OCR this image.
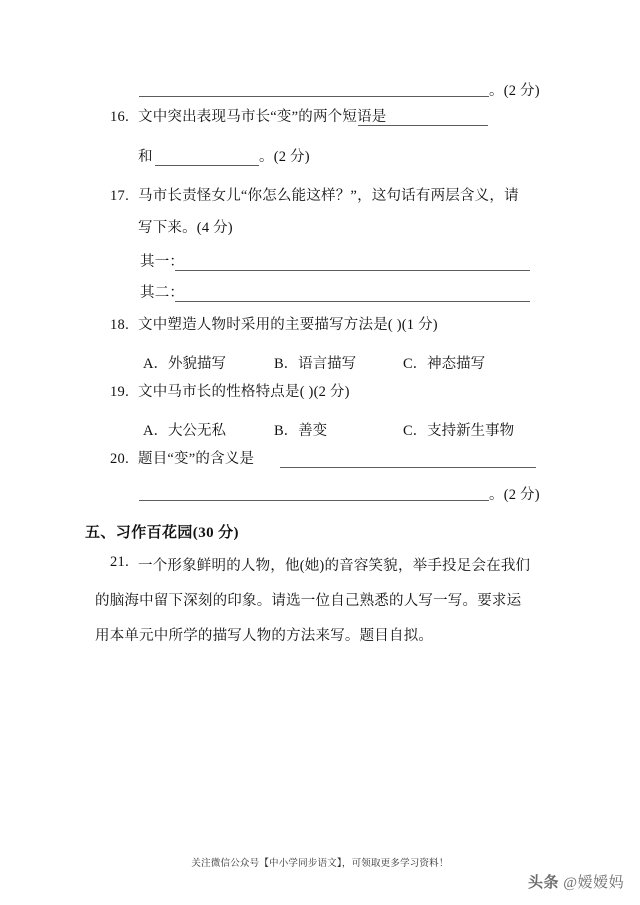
。(2 分)
16. 文中突出表现马市长“变”的两个短语是
和	。(2 分)
17. 马市长责怪女儿“你怎么能这样？”，这句话有两层含义，请
写下来。(4 分)
其一：
其二：
18. 文中塑造人物时采用的主要描写方法是( )(1 分)
A．外貌描写	B．语言描写	C．神态描写
19. 文中马市长的性格特点是( )(2 分)
A．大公无私	B．善变	C．支持新生事物
20. 题目“变”的含义是
。(2 分)
五、习作百花园(30 分)
21. 一个形象鲜明的人物，他(她)的音容笑貌，举手投足会在我们
的脑海中留下深刻的印象。请选一位自己熟悉的人写一写。要求运
用本单元中所学的描写人物的方法来写。题目自拟。
关注微信公众号【中小学同步语文】，可领取更多学习资料！
头条 @嫒嫒妈
